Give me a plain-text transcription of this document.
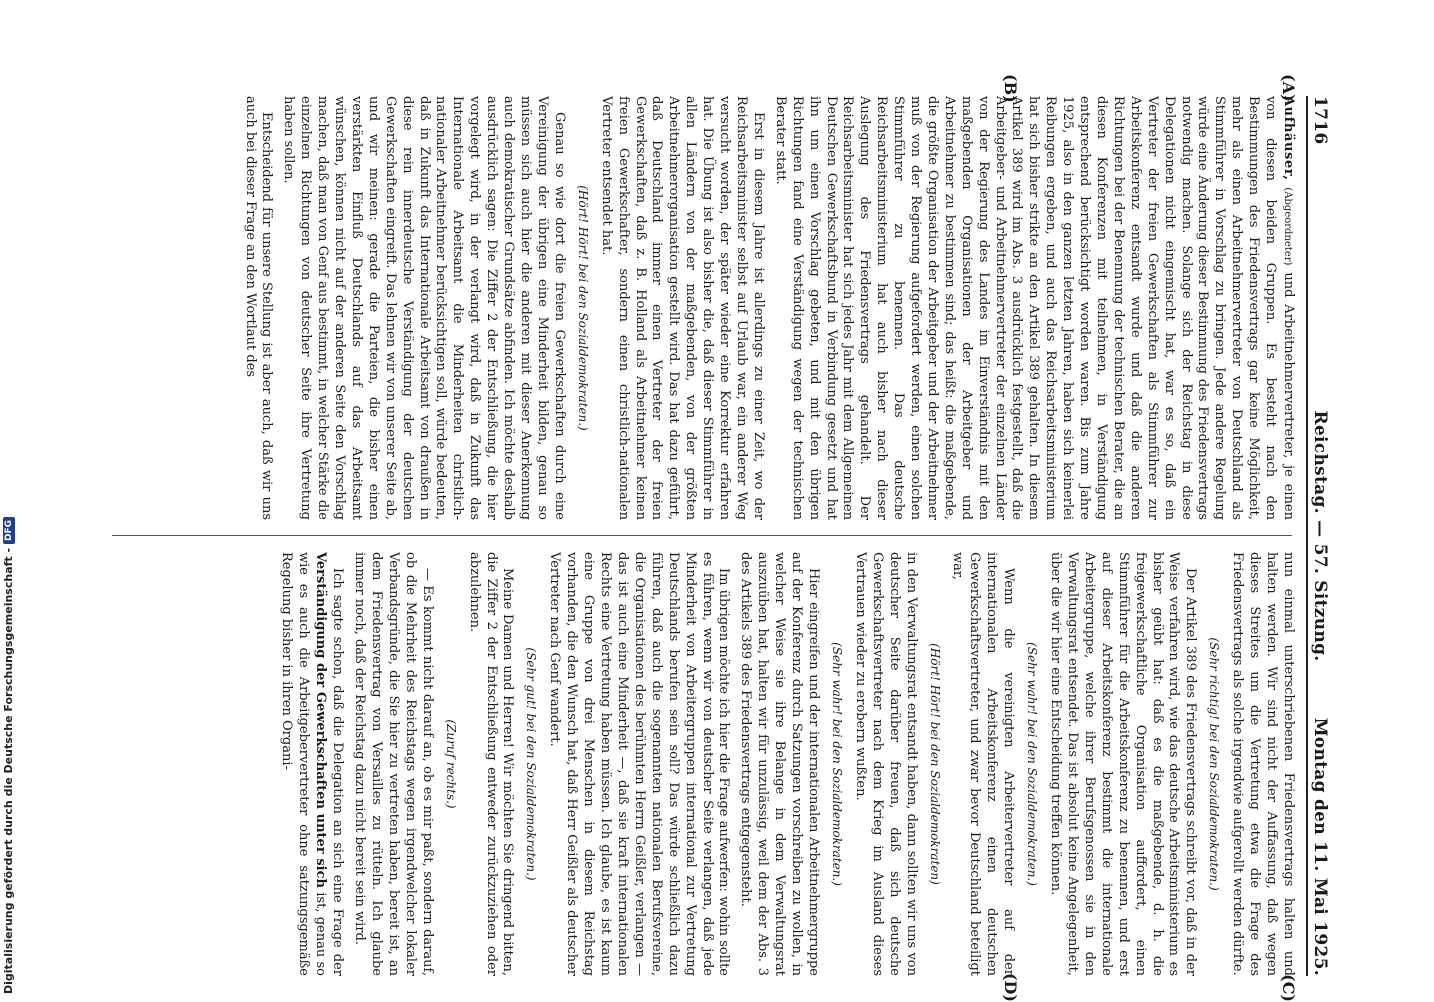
1716
Reichstag. — 57. Sitzung.
Montag den 11. Mai 1925.

Aufhäuser, (Abgeordneter) und Arbeitnehmervertreter, je einen von diesen beiden Gruppen. Es besteht nach den Bestimmungen des Friedensvertrags gar keine Möglichkeit, mehr als einen Arbeitnehmervertreter von Deutschland als Stimmführer in Vorschlag zu bringen. Jede andere Regelung würde eine Änderung dieser Bestimmung des Friedensvertrags notwendig machen. Solange sich der Reichstag in diese Delegationen nicht eingemischt hat, war es so, daß ein Vertreter der freien Gewerkschaften als Stimmführer zur Arbeitskonferenz entsandt wurde und daß die anderen Richtungen bei der Benennung der technischen Berater, die an diesen Konferenzen mit teilnehmen, in Verständigung entsprechend berücksichtigt worden waren. Bis zum Jahre 1925, also in den ganzen letzten Jahren, haben sich keinerlei Reibungen ergeben, und auch das Reichsarbeitsministerium hat sich bisher strikte an den Artikel 389 gehalten. In diesem Artikel 389 wird im Abs. 3 ausdrücklich festgestellt, daß die Arbeitgeber- und Arbeitnehmervertreter der einzelnen Länder von der Regierung des Landes im Einverständnis mit den maßgebenden Organisationen der Arbeitgeber und Arbeitnehmer zu bestimmen sind; das heißt: die maßgebende, die größte Organisation der Arbeitgeber und der Arbeitnehmer muß von der Regierung aufgefordert werden, einen solchen Stimmführer zu benennen. Das deutsche Reichsarbeitsministerium hat auch bisher nach dieser Auslegung des Friedensvertrags gehandelt. Der Reichsarbeitsminister hat sich jedes Jahr mit dem Allgemeinen Deutschen Gewerkschaftsbund in Verbindung gesetzt und hat ihn um einen Vorschlag gebeten, und mit den übrigen Richtungen fand eine Verständigung wegen der technischen Berater statt.

Erst in diesem Jahre ist allerdings zu einer Zeit, wo der Reichsarbeitsminister selbst auf Urlaub war, ein anderer Weg versucht worden, der später wieder eine Korrektur erfahren hat. Die Übung ist also bisher die, daß dieser Stimmführer in allen Ländern von der maßgebenden, von der größten Arbeitnehmerorganisation gestellt wird. Das hat dazu geführt, daß Deutschland immer einen Vertreter der freien Gewerkschaften, daß z. B. Holland als Arbeitnehmer keinen freien Gewerkschafter, sondern einen christlich-nationalen Vertreter entsendet hat.

(Hört! Hört! bei den Sozialdemokraten.)

Genau so wie dort die freien Gewerkschaften durch eine Vereinigung der übrigen eine Minderheit bilden, genau so müssen sich auch hier die anderen mit dieser Anerkennung auch demokratischer Grundsätze abfinden. Ich möchte deshalb ausdrücklich sagen: Die Ziffer 2 der Entschließung, die hier vorgelegt wird, in der verlangt wird, daß in Zukunft das Internationale Arbeitsamt die Minderheiten christlich-nationaler Arbeitnehmer berücksichtigen soll, würde bedeuten, daß in Zukunft das Internationale Arbeitsamt von draußen in diese rein innerdeutsche Verständigung der deutschen Gewerkschaften eingreift. Das lehnen wir von unserer Seite ab, und wir meinen: gerade die Parteien, die bisher einen verstärkten Einfluß Deutschlands auf das Arbeitsamt wünschen, können nicht auf der anderen Seite den Vorschlag machen, daß man von Genf aus bestimmt, in welcher Stärke die einzelnen Richtungen von deutscher Seite ihre Vertretung haben sollen.

Entscheidend für unsere Stellung ist aber auch, daß wir uns auch bei dieser Frage an den Wortlaut des

nun einmal unterschriebenen Friedensvertrags halten und halten werden. Wir sind nicht der Auffassung, daß wegen dieses Streites um die Vertretung etwa die Frage des Friedensvertrags als solche irgendwie aufgerollt werden dürfte.

(Sehr richtig! bei den Sozialdemokraten.)

Der Artikel 389 des Friedensvertrags schreibt vor, daß in der Weise verfahren wird, wie das deutsche Arbeitsministerium es bisher geübt hat: daß es die maßgebende, d. h. die freigewerkschaftliche Organisation auffordert, einen Stimmführer für die Arbeitskonferenz zu benennen, und erst auf dieser Arbeitskonferenz bestimmt die internationale Arbeitergruppe, welche ihrer Berufsgenossen sie in den Verwaltungsrat entsendet. Das ist absolut keine Angelegenheit, über die wir hier eine Entscheidung treffen können.

(Sehr wahr! bei den Sozialdemokraten.)

Wenn die vereinigten Arbeitervertreter auf der internationalen Arbeitskonferenz einen deutschen Gewerkschaftsvertreter, und zwar bevor Deutschland beteiligt war,

(Hört! Hört! bei den Sozialdemokraten)

in den Verwaltungsrat entsandt haben, dann sollten wir uns von deutscher Seite darüber freuen, daß sich deutsche Gewerkschaftsvertreter nach dem Krieg im Ausland dieses Vertrauen wieder zu erobern wußten.

(Sehr wahr! bei den Sozialdemokraten.)

Hier eingreifen und der internationalen Arbeitnehmergruppe auf der Konferenz durch Satzungen vorschreiben zu wollen, in welcher Weise sie ihre Belange in dem Verwaltungsrat auszuüben hat, halten wir für unzulässig, weil dem der Abs. 3 des Artikels 389 des Friedensvertrags entgegensteht.

Im übrigen möchte ich hier die Frage aufwerfen: wohin sollte es führen, wenn wir von deutscher Seite verlangen, daß jede Minderheit von Arbeitergruppen international zur Vertretung Deutschlands berufen sein soll? Das würde schließlich dazu führen, daß auch die sogenannten nationalen Berufsvereine, die Organisationen des berühmten Herrn Geißler, verlangen — das ist auch eine Minderheit —, daß sie kraft internationalen Rechts eine Vertretung haben müssen. Ich glaube, es ist kaum eine Gruppe von drei Menschen in diesem Reichstag vorhanden, die den Wunsch hat, daß Herr Geißler als deutscher Vertreter nach Genf wandert.

(Sehr gut! bei den Sozialdemokraten.)

Meine Damen und Herren! Wir möchten Sie dringend bitten, die Ziffer 2 der Entschließung entweder zurückzuziehen oder abzulehnen.

(Zuruf rechts.)

— Es kommt nicht darauf an, ob es mir paßt, sondern darauf, ob die Mehrheit des Reichstags wegen irgendwelcher lokaler Verbandsgründe, die Sie hier zu vertreten haben, bereit ist, an dem Friedensvertrag von Versailles zu rütteln. Ich glaube immer noch, daß der Reichstag dazu nicht bereit sein wird.

Ich sagte schon, daß die Delegation an sich eine Frage der Verständigung der Gewerkschaften unter sich ist, genau so wie es auch die Arbeitgebervertreter ohne satzungsgemäße Regelung bisher in ihren Organi-

(A)
(B)
(C)
(D)
Digitalisierung gefördert durch die Deutsche Forschungsgemeinschaft -
DFG
